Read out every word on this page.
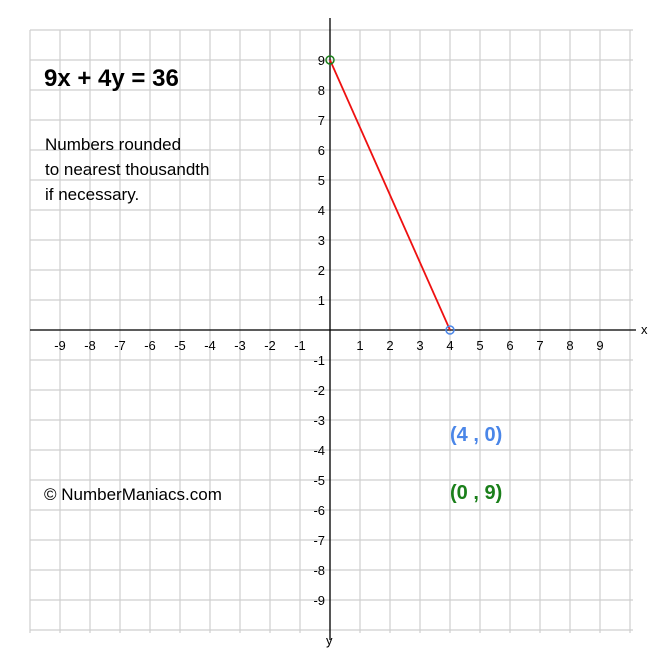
-9 -8 -7 -6 -5 -4 -3 -2 -1	1 2 3 4 5 6 7 8 9
9
8
7
6
5
4
3
2
1
-1
-2
-3
-4
-5
-6
-7
-8
-9
x
y
(4 , 0)
(0 , 9)
9x + 4y = 36
Numbers rounded
to nearest thousandth
if necessary.
© NumberManiacs.com
